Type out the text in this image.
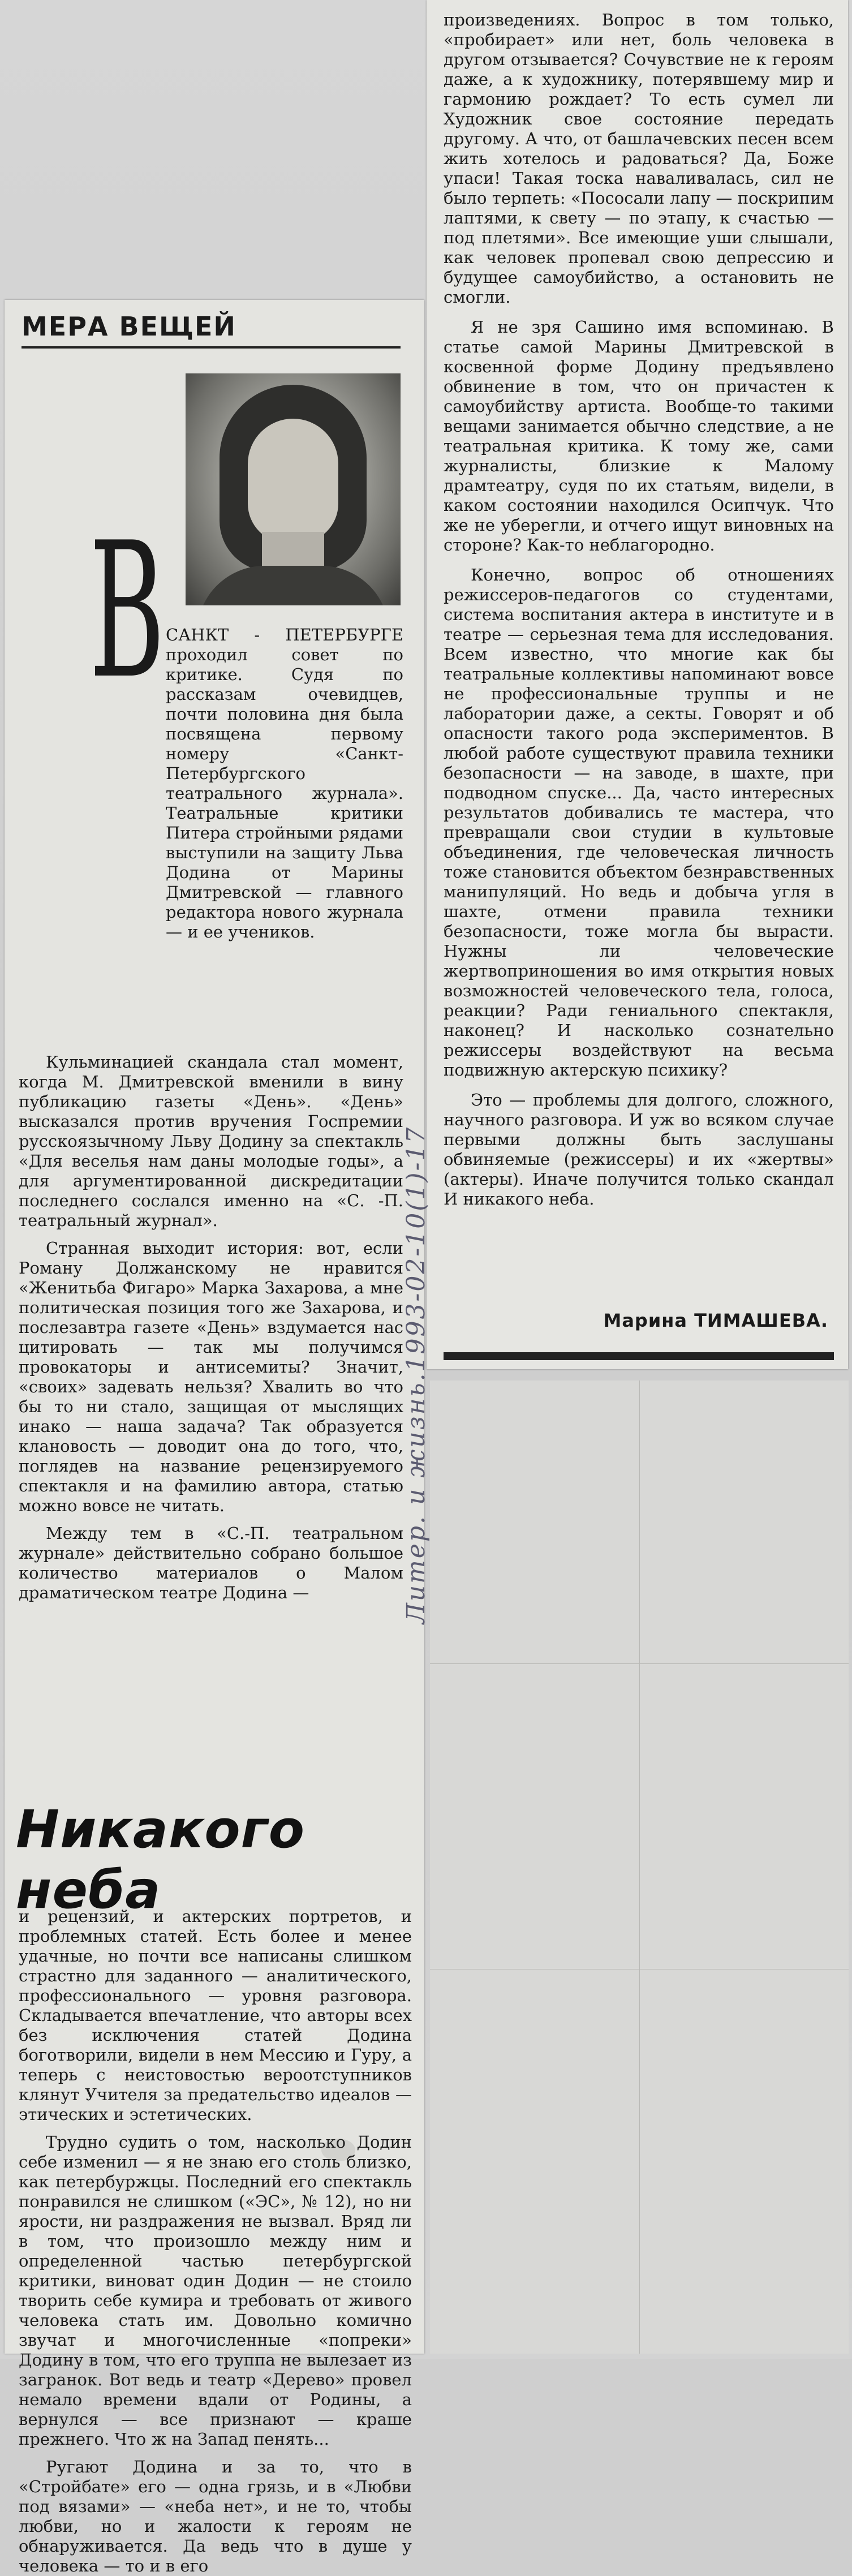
произведениях. Вопрос в том только, «пробирает» или нет, боль человека в другом отзывается? Сочувствие не к героям даже, а к художнику, потерявшему мир и гармонию рождает? То есть сумел ли Художник свое состояние передать другому. А что, от башлачевских песен всем жить хотелось и радоваться? Да, Боже упаси! Такая тоска наваливалась, сил не было терпеть: «Пососали лапу — поскрипим лаптями, к свету — по этапу, к счастью — под плетями». Все имеющие уши слышали, как человек пропевал свою депрессию и будущее самоубийство, а остановить не смогли.

Я не зря Сашино имя вспоминаю. В статье самой Марины Дмитревской в косвенной форме Додину предъявлено обвинение в том, что он причастен к самоубийству артиста. Вообще-то такими вещами занимается обычно следствие, а не театральная критика. К тому же, сами журналисты, близкие к Малому драмтеатру, судя по их статьям, видели, в каком состоянии находился Осипчук. Что же не уберегли, и отчего ищут виновных на стороне? Как-то неблагородно.

Конечно, вопрос об отношениях режиссеров-педагогов со студентами, система воспитания актера в институте и в театре — серьезная тема для исследования. Всем известно, что многие как бы театральные коллективы напоминают вовсе не профессиональные труппы и не лаборатории даже, а секты. Говорят и об опасности такого рода экспериментов. В любой работе существуют правила техники безопасности — на заводе, в шахте, при подводном спуске... Да, часто интересных результатов добивались те мастера, что превращали свои студии в культовые объединения, где человеческая личность тоже становится объектом безнравственных манипуляций. Но ведь и добыча угля в шахте, отмени правила техники безопасности, тоже могла бы вырасти. Нужны ли человеческие жертвоприношения во имя открытия новых возможностей человеческого тела, голоса, реакции? Ради гениального спектакля, наконец? И насколько сознательно режиссеры воздействуют на весьма подвижную актерскую психику?

Это — проблемы для долгого, сложного, научного разговора. И уж во всяком случае первыми должны быть заслушаны обвиняемые (режиссеры) и их «жертвы» (актеры). Иначе получится только скандал И никакого неба.

Марина ТИМАШЕВА.
МЕРА ВЕЩЕЙ
В САНКТ - ПЕТЕРБУРГЕ проходил совет по критике. Судя по рассказам очевидцев, почти половина дня была посвящена первому номеру «Санкт-Петербургского театрального журнала». Театральные критики Питера стройными рядами выступили на защиту Льва Додина от Марины Дмитревской — главного редактора нового журнала — и ее учеников.

Кульминацией скандала стал момент, когда М. Дмитревской вменили в вину публикацию газеты «День». «День» высказался против вручения Госпремии русскоязычному Льву Додину за спектакль «Для веселья нам даны молодые годы», а для аргументированной дискредитации последнего сослался именно на «С. -П. театральный журнал».

Странная выходит история: вот, если Роману Должанскому не нравится «Женитьба Фигаро» Марка Захарова, а мне политическая позиция того же Захарова, и послезавтра газете «День» вздумается нас цитировать — так мы получимся провокаторы и антисемиты? Значит, «своих» задевать нельзя? Хвалить во что бы то ни стало, защищая от мыслящих инако — наша задача? Так образуется клановость — доводит она до того, что, поглядев на название рецензируемого спектакля и на фамилию автора, статью можно вовсе не читать.

Между тем в «С.-П. театральном журнале» действительно собрано большое количество материалов о Малом драматическом театре Додина —	Литер. и жизнь.1993-02-10(1)-17
Никакого неба

и рецензий, и актерских портретов, и проблемных статей. Есть более и менее удачные, но почти все написаны слишком страстно для заданного — аналитического, профессионального — уровня разговора. Складывается впечатление, что авторы всех без исключения статей Додина боготворили, видели в нем Мессию и Гуру, а теперь с неистовостью вероотступников клянут Учителя за предательство идеалов — этических и эстетических.

Трудно судить о том, насколько Додин себе изменил — я не знаю его столь близко, как петербуржцы. Последний его спектакль понравился не слишком («ЭС», № 12), но ни ярости, ни раздражения не вызвал. Вряд ли в том, что произошло между ним и определенной частью петербургской критики, виноват один Додин — не стоило творить себе кумира и требовать от живого человека стать им. Довольно комично звучат и многочисленные «попреки» Додину в том, что его труппа не вылезает из загранок. Вот ведь и театр «Дерево» провел немало времени вдали от Родины, а вернулся — все признают — краше прежнего. Что ж на Запад пенять...

Ругают Додина и за то, что в «Стройбате» его — одна грязь, и в «Любви под вязами» — «неба нет», и не то, чтобы любви, но и жалости к героям не обнаруживается. Да ведь что в душе у человека — то и в его
